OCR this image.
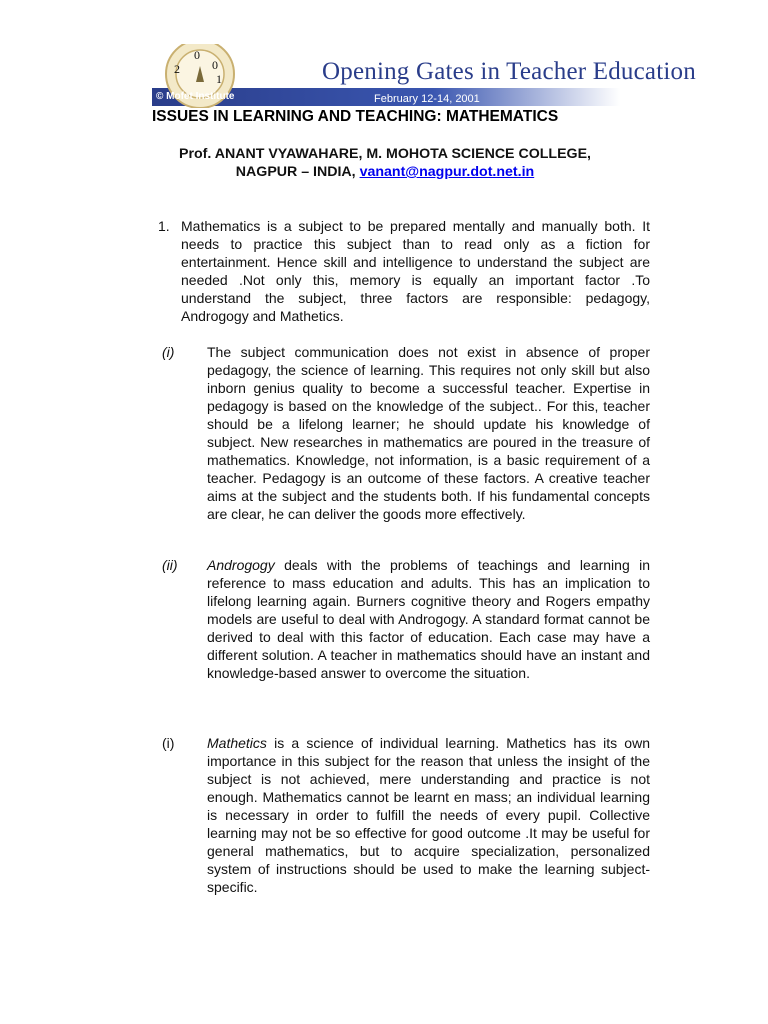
2
0
0
1	Opening Gates in Teacher Education
© Mofet Institute	February 12-14, 2001
ISSUES IN LEARNING AND TEACHING: MATHEMATICS
Prof. ANANT VYAWAHARE, M. MOHOTA SCIENCE COLLEGE,
NAGPUR – INDIA, vanant@nagpur.dot.net.in
1. Mathematics is a subject to be prepared mentally and manually both. It needs to practice this subject than to read only as a fiction for entertainment. Hence skill and intelligence to understand the subject are needed .Not only this, memory is equally an important factor .To understand the subject, three factors are responsible: pedagogy, Androgogy and Mathetics.
(i) The subject communication does not exist in absence of proper pedagogy, the science of learning. This requires not only skill but also inborn genius quality to become a successful teacher. Expertise in pedagogy is based on the knowledge of the subject.. For this, teacher should be a lifelong learner; he should update his knowledge of subject. New researches in mathematics are poured in the treasure of mathematics. Knowledge, not information, is a basic requirement of a teacher. Pedagogy is an outcome of these factors. A creative teacher aims at the subject and the students both. If his fundamental concepts are clear, he can deliver the goods more effectively.
(ii) Androgogy deals with the problems of teachings and learning in reference to mass education and adults. This has an implication to lifelong learning again. Burners cognitive theory and Rogers empathy models are useful to deal with Androgogy. A standard format cannot be derived to deal with this factor of education. Each case may have a different solution. A teacher in mathematics should have an instant and knowledge-based answer to overcome the situation.
(i) Mathetics is a science of individual learning. Mathetics has its own importance in this subject for the reason that unless the insight of the subject is not achieved, mere understanding and practice is not enough. Mathematics cannot be learnt en mass; an individual learning is necessary in order to fulfill the needs of every pupil. Collective learning may not be so effective for good outcome .It may be useful for general mathematics, but to acquire specialization, personalized system of instructions should be used to make the learning subject-specific.
